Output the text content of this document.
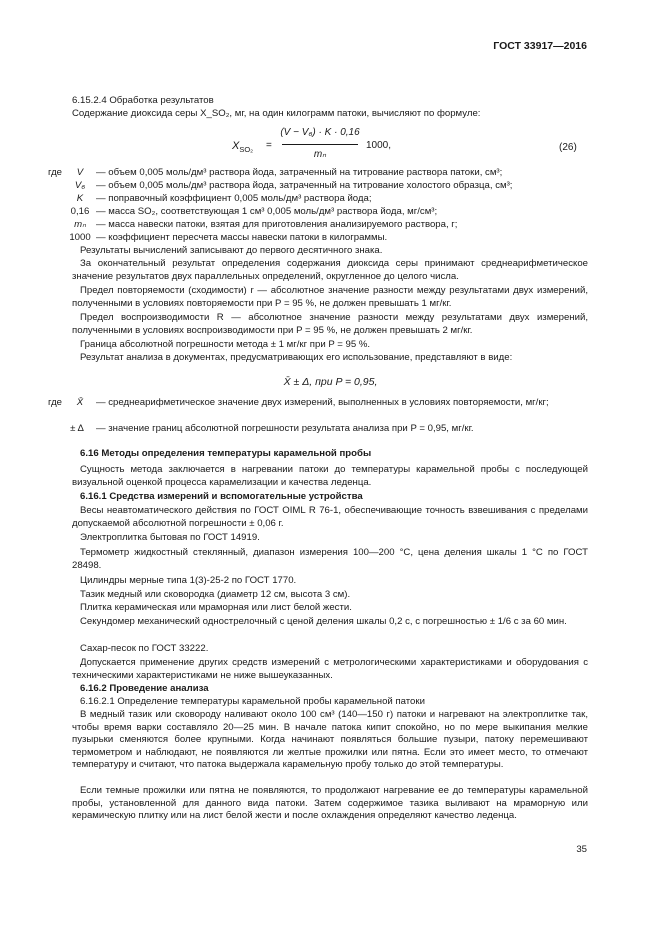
ГОСТ 33917—2016
6.15.2.4 Обработка результатов
Содержание диоксида серы X_SO₂, мг, на один килограмм патоки, вычисляют по формуле:
$X_{SO_2}$ =
(V − V₆) · K · 0,16
mₙ
1000,	(26)
где	V	— объем 0,005 моль/дм³ раствора йода, затраченный на титрование раствора патоки, см³;
V₆	— объем 0,005 моль/дм³ раствора йода, затраченный на титрование холостого образца, см³;
K	— поправочный коэффициент 0,005 моль/дм³ раствора йода;
0,16 — масса SO₂, соответствующая 1 см³ 0,005 моль/дм³ раствора йода, мг/см³;
mₙ	— масса навески патоки, взятая для приготовления анализируемого раствора, г;
1000 — коэффициент пересчета массы навески патоки в килограммы.
Результаты вычислений записывают до первого десятичного знака.
За окончательный результат определения содержания диоксида серы принимают среднеарифметическое значение результатов двух параллельных определений, округленное до целого числа.
Предел повторяемости (сходимости) r — абсолютное значение разности между результатами двух измерений, полученными в условиях повторяемости при P = 95 %, не должен превышать 1 мг/кг.
Предел воспроизводимости R — абсолютное значение разности между результатами двух измерений, полученными в условиях воспроизводимости при P = 95 %, не должен превышать 2 мг/кг.
Граница абсолютной погрешности метода ± 1 мг/кг при P = 95 %.
Результат анализа в документах, предусматривающих его использование, представляют в виде:
X̄ ± Δ, при P = 0,95,
где	X̄	— среднеарифметическое значение двух измерений, выполненных в условиях повторяемости, мг/кг;
± Δ	— значение границ абсолютной погрешности результата анализа при P = 0,95, мг/кг.
6.16 Методы определения температуры карамельной пробы
Сущность метода заключается в нагревании патоки до температуры карамельной пробы с последующей визуальной оценкой процесса карамелизации и качества леденца.
6.16.1 Средства измерений и вспомогательные устройства
Весы неавтоматического действия по ГОСТ OIML R 76-1, обеспечивающие точность взвешивания с пределами допускаемой абсолютной погрешности ± 0,06 г.
Электроплитка бытовая по ГОСТ 14919.
Термометр жидкостный стеклянный, диапазон измерения 100—200 °С, цена деления шкалы 1 °С по ГОСТ 28498.
Цилиндры мерные типа 1(3)-25-2 по ГОСТ 1770.
Тазик медный или сковородка (диаметр 12 см, высота 3 см).
Плитка керамическая или мраморная или лист белой жести.
Секундомер механический однострелочный с ценой деления шкалы 0,2 с, с погрешностью ± 1/6 с за 60 мин.
Сахар-песок по ГОСТ 33222.
Допускается применение других средств измерений с метрологическими характеристиками и оборудования с техническими характеристиками не ниже вышеуказанных.
6.16.2 Проведение анализа
6.16.2.1 Определение температуры карамельной пробы карамельной патоки
В медный тазик или сковороду наливают около 100 см³ (140—150 г) патоки и нагревают на электроплитке так, чтобы время варки составляло 20—25 мин. В начале патока кипит спокойно, но по мере выкипания мелкие пузырьки сменяются более крупными. Когда начинают появляться большие пузыри, патоку перемешивают термометром и наблюдают, не появляются ли желтые прожилки или пятна. Если это имеет место, то отмечают температуру и считают, что патока выдержала карамельную пробу только до этой температуры.
Если темные прожилки или пятна не появляются, то продолжают нагревание ее до температуры карамельной пробы, установленной для данного вида патоки. Затем содержимое тазика выливают на мраморную или керамическую плитку или на лист белой жести и после охлаждения определяют качество леденца.
35
